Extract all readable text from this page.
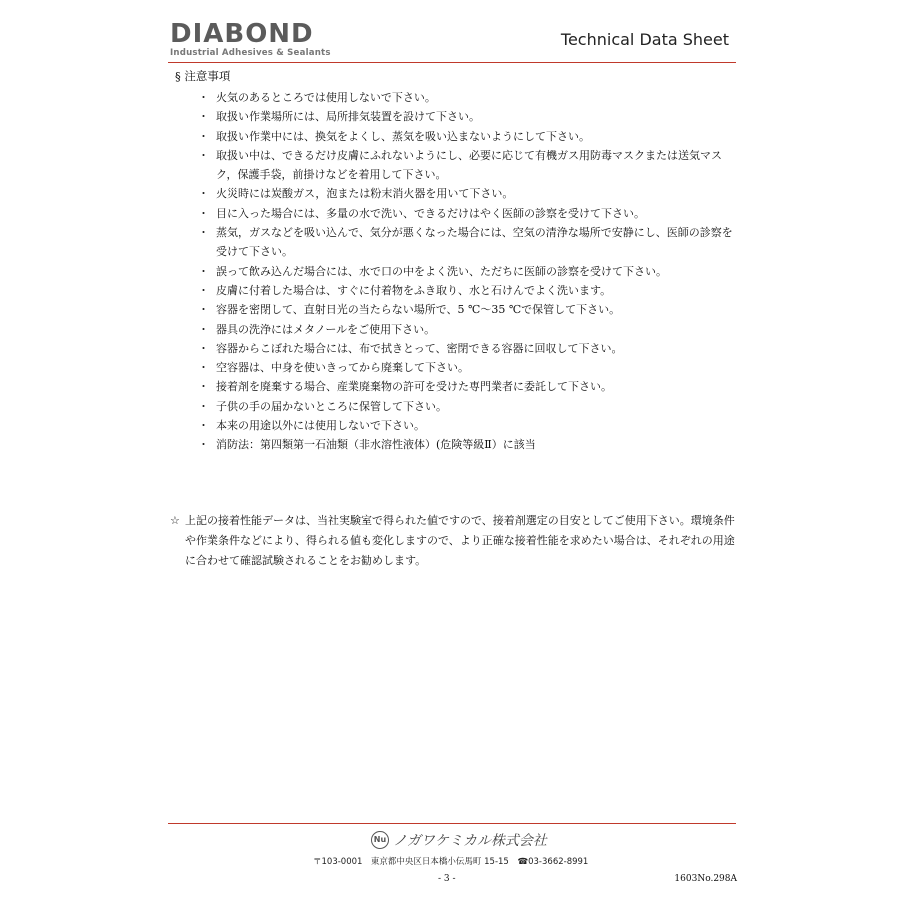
DIABOND
Industrial Adhesives & Sealants
Technical Data Sheet
§ 注意事項
・ 火気のあるところでは使用しないで下さい。
・ 取扱い作業場所には、局所排気装置を設けて下さい。
・ 取扱い作業中には、換気をよくし、蒸気を吸い込まないようにして下さい。
・ 取扱い中は、できるだけ皮膚にふれないようにし、必要に応じて有機ガス用防毒マスクまたは送気マスク，保護手袋，前掛けなどを着用して下さい。
・ 火災時には炭酸ガス，泡または粉末消火器を用いて下さい。
・ 目に入った場合には、多量の水で洗い、できるだけはやく医師の診察を受けて下さい。
・ 蒸気，ガスなどを吸い込んで、気分が悪くなった場合には、空気の清浄な場所で安静にし、医師の診察を受けて下さい。
・ 誤って飲み込んだ場合には、水で口の中をよく洗い、ただちに医師の診察を受けて下さい。
・ 皮膚に付着した場合は、すぐに付着物をふき取り、水と石けんでよく洗います。
・ 容器を密閉して、直射日光の当たらない場所で、5 ℃～35 ℃で保管して下さい。
・ 器具の洗浄にはメタノールをご使用下さい。
・ 容器からこぼれた場合には、布で拭きとって、密閉できる容器に回収して下さい。
・ 空容器は、中身を使いきってから廃棄して下さい。
・ 接着剤を廃棄する場合、産業廃棄物の許可を受けた専門業者に委託して下さい。
・ 子供の手の届かないところに保管して下さい。
・ 本来の用途以外には使用しないで下さい。
・ 消防法：第四類第一石油類（非水溶性液体）(危険等級Ⅱ）に該当
☆ 上記の接着性能データは、当社実験室で得られた値ですので、接着剤選定の目安としてご使用下さい。環境条件や作業条件などにより、得られる値も変化しますので、より正確な接着性能を求めたい場合は、それぞれの用途に合わせて確認試験されることをお勧めします。
Nu ノガワケミカル株式会社
〒103-0001　東京都中央区日本橋小伝馬町 15-15 ☎03-3662-8991
- 3 -	1603No.298A
